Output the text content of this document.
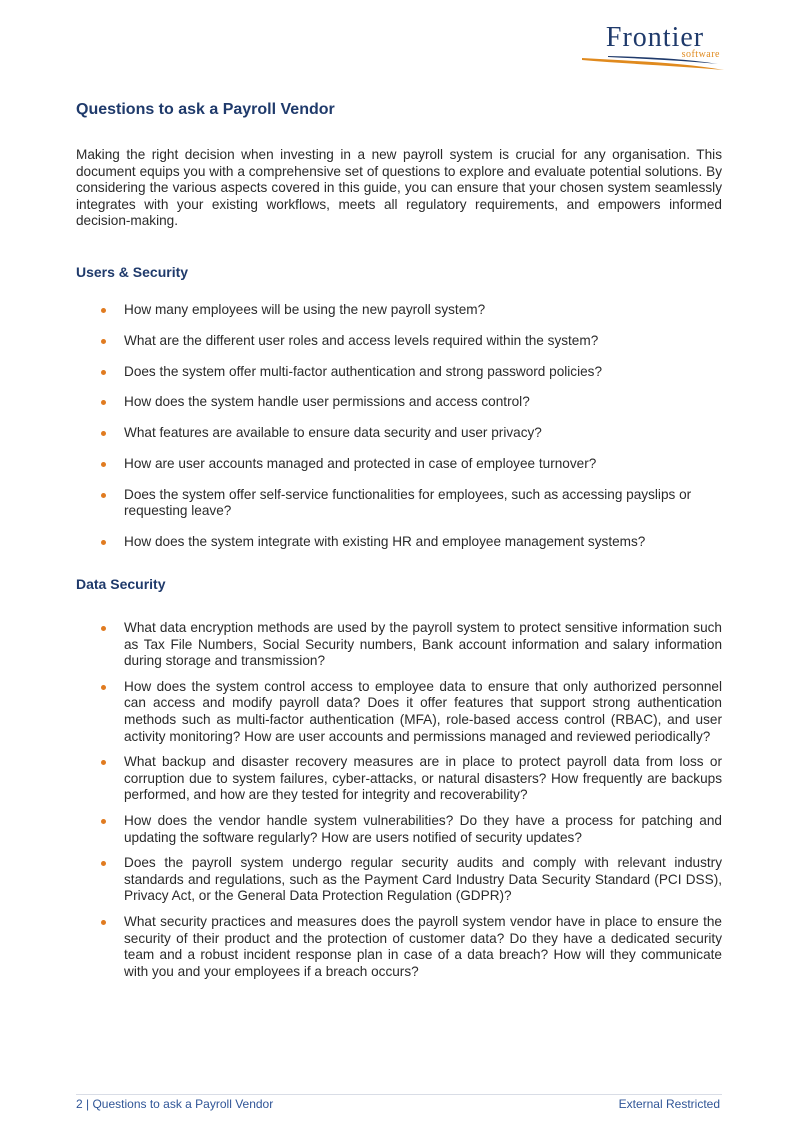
Frontier
software
Questions to ask a Payroll Vendor

Making the right decision when investing in a new payroll system is crucial for any organisation. This document equips you with a comprehensive set of questions to explore and evaluate potential solutions. By considering the various aspects covered in this guide, you can ensure that your chosen system seamlessly integrates with your existing workflows, meets all regulatory requirements, and empowers informed decision-making.

Users & Security
How many employees will be using the new payroll system?
What are the different user roles and access levels required within the system?
Does the system offer multi-factor authentication and strong password policies?
How does the system handle user permissions and access control?
What features are available to ensure data security and user privacy?
How are user accounts managed and protected in case of employee turnover?
Does the system offer self-service functionalities for employees, such as accessing payslips or requesting leave?
How does the system integrate with existing HR and employee management systems?
Data Security
What data encryption methods are used by the payroll system to protect sensitive information such as Tax File Numbers, Social Security numbers, Bank account information and salary information during storage and transmission?
How does the system control access to employee data to ensure that only authorized personnel can access and modify payroll data? Does it offer features that support strong authentication methods such as multi-factor authentication (MFA), role-based access control (RBAC), and user activity monitoring? How are user accounts and permissions managed and reviewed periodically?
What backup and disaster recovery measures are in place to protect payroll data from loss or corruption due to system failures, cyber-attacks, or natural disasters? How frequently are backups performed, and how are they tested for integrity and recoverability?
How does the vendor handle system vulnerabilities? Do they have a process for patching and updating the software regularly? How are users notified of security updates?
Does the payroll system undergo regular security audits and comply with relevant industry standards and regulations, such as the Payment Card Industry Data Security Standard (PCI DSS), Privacy Act, or the General Data Protection Regulation (GDPR)?
What security practices and measures does the payroll system vendor have in place to ensure the security of their product and the protection of customer data? Do they have a dedicated security team and a robust incident response plan in case of a data breach? How will they communicate with you and your employees if a breach occurs?
2 | Questions to ask a Payroll Vendor	External Restricted
